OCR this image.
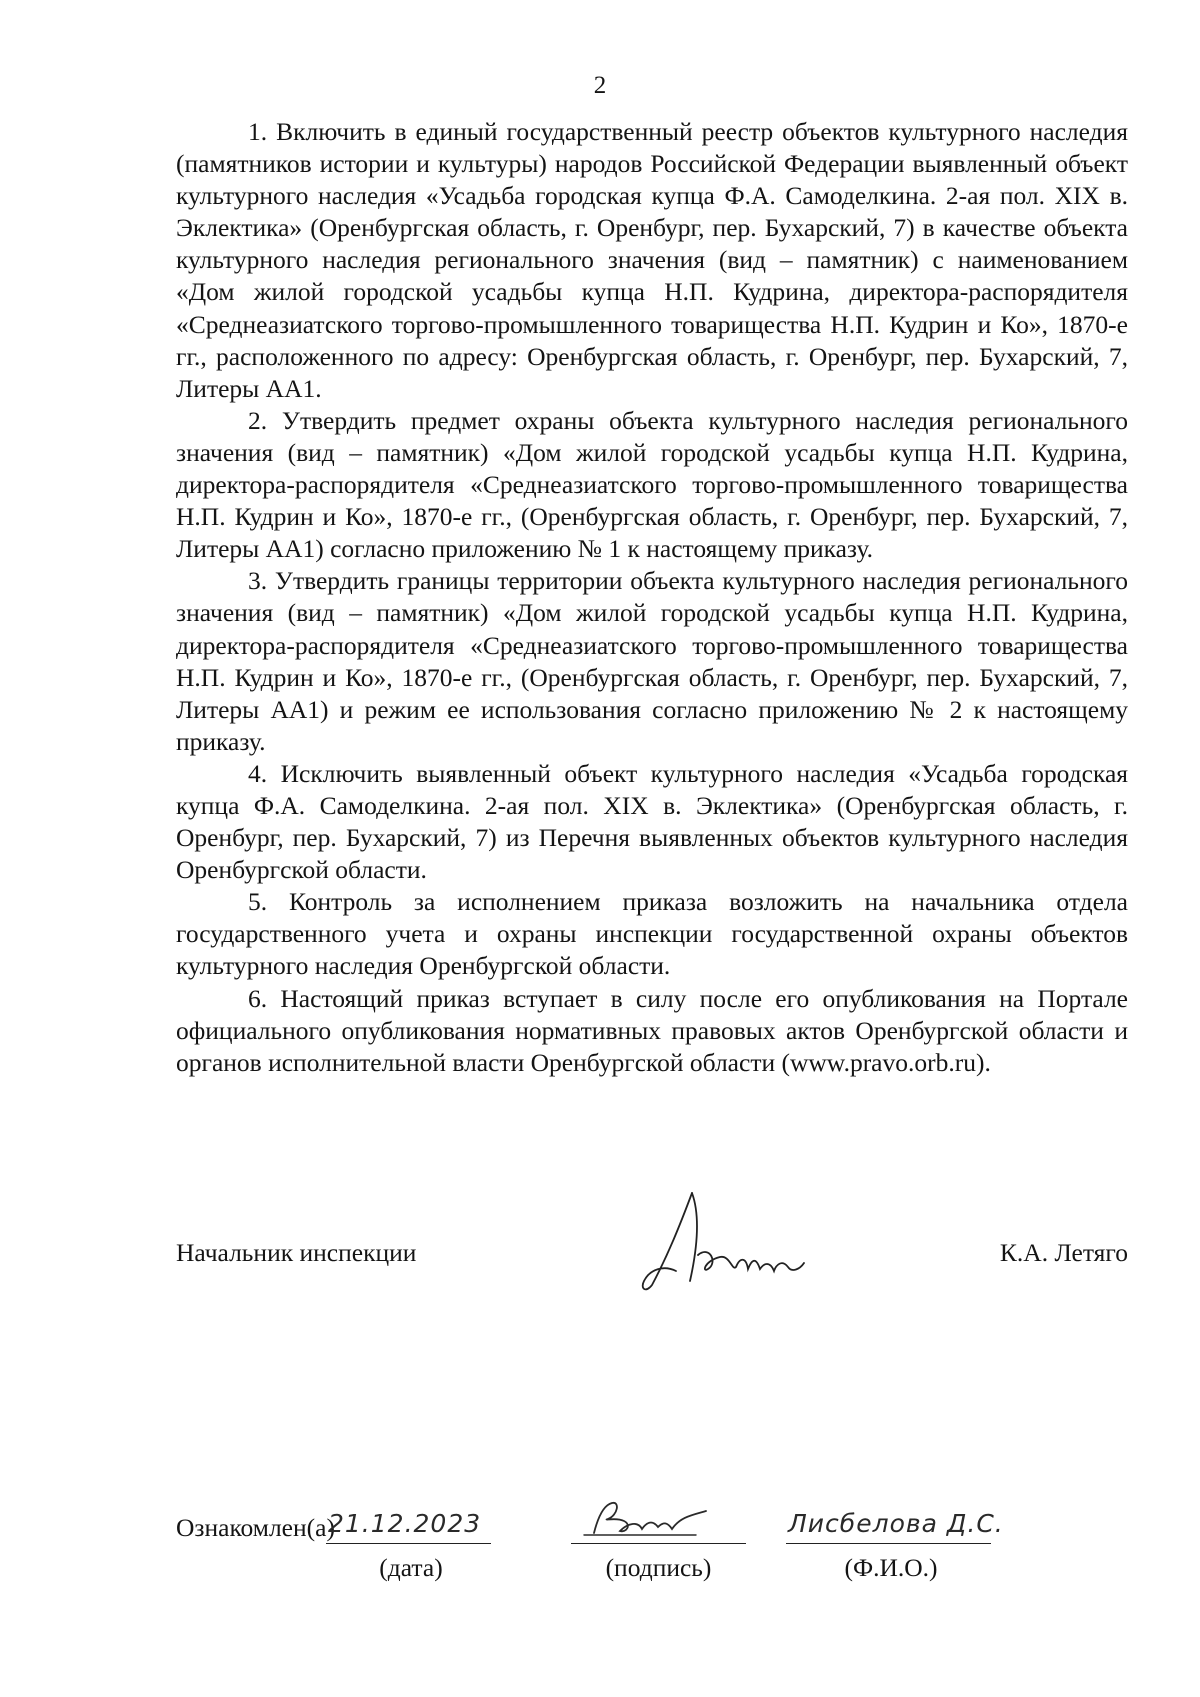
2

1. Включить в единый государственный реестр объектов культурного наследия (памятников истории и культуры) народов Российской Федерации выявленный объект культурного наследия «Усадьба городская купца Ф.А. Самоделкина. 2-ая пол. XIX в. Эклектика» (Оренбургская область, г. Оренбург, пер. Бухарский, 7) в качестве объекта культурного наследия регионального значения (вид – памятник) с наименованием «Дом жилой городской усадьбы купца Н.П. Кудрина, директора-распорядителя «Среднеазиатского торгово-промышленного товарищества Н.П. Кудрин и Ко», 1870-е гг., расположенного по адресу: Оренбургская область, г. Оренбург, пер. Бухарский, 7, Литеры АА1.

2. Утвердить предмет охраны объекта культурного наследия регионального значения (вид – памятник) «Дом жилой городской усадьбы купца Н.П. Кудрина, директора-распорядителя «Среднеазиатского торгово-промышленного товарищества Н.П. Кудрин и Ко», 1870-е гг., (Оренбургская область, г. Оренбург, пер. Бухарский, 7, Литеры АА1) согласно приложению № 1 к настоящему приказу.

3. Утвердить границы территории объекта культурного наследия регионального значения (вид – памятник) «Дом жилой городской усадьбы купца Н.П. Кудрина, директора-распорядителя «Среднеазиатского торгово-промышленного товарищества Н.П. Кудрин и Ко», 1870-е гг., (Оренбургская область, г. Оренбург, пер. Бухарский, 7, Литеры АА1) и режим ее использования согласно приложению № 2 к настоящему приказу.

4. Исключить выявленный объект культурного наследия «Усадьба городская купца Ф.А. Самоделкина. 2-ая пол. XIX в. Эклектика» (Оренбургская область, г. Оренбург, пер. Бухарский, 7) из Перечня выявленных объектов культурного наследия Оренбургской области.

5. Контроль за исполнением приказа возложить на начальника отдела государственного учета и охраны инспекции государственной охраны объектов культурного наследия Оренбургской области.

6. Настоящий приказ вступает в силу после его опубликования на Портале официального опубликования нормативных правовых актов Оренбургской области и органов исполнительной власти Оренбургской области (www.pravo.orb.ru).

Начальник инспекции	К.А. Летяго
Ознакомлен(а)
21.12.2023
(дата)	(подпись)
Лисбелова Д.С.
(Ф.И.О.)
